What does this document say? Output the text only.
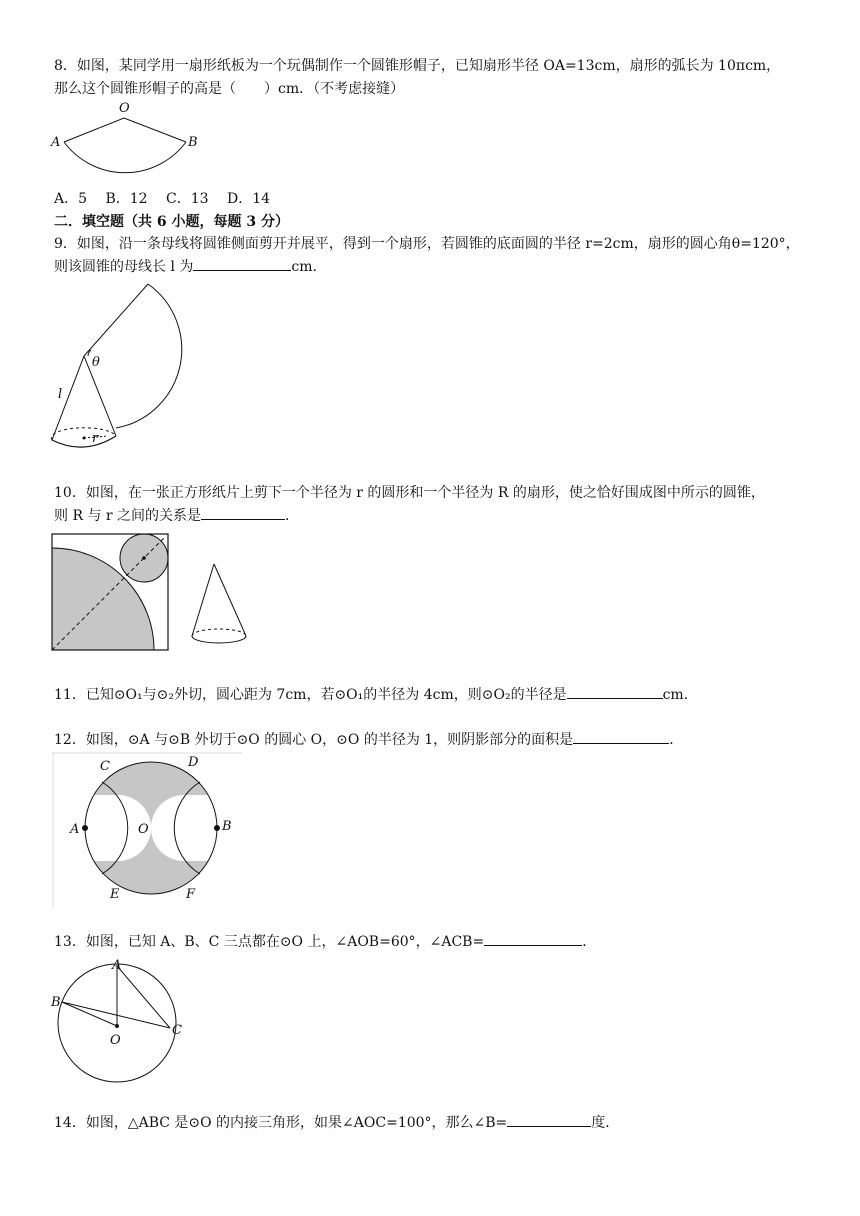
8．如图，某同学用一扇形纸板为一个玩偶制作一个圆锥形帽子，已知扇形半径 OA=13cm，扇形的弧长为 10πcm，
那么这个圆锥形帽子的高是（　　）cm．（不考虑接缝）

O
A	B
A．5 B．12 C．13 D．14
二．填空题（共 6 小题，每题 3 分）

9．如图，沿一条母线将圆锥侧面剪开并展平，得到一个扇形，若圆锥的底面圆的半径 r=2cm，扇形的圆心角θ=120°，
则该圆锥的母线长 l 为	cm．

θ
l
r

10．如图，在一张正方形纸片上剪下一个半径为 r 的圆形和一个半径为 R 的扇形，使之恰好围成图中所示的圆锥，
则 R 与 r 之间的关系是	．

11．已知⊙O₁与⊙₂外切，圆心距为 7cm，若⊙O₁的半径为 4cm，则⊙O₂的半径是	cm．

12．如图，⊙A 与⊙B 外切于⊙O 的圆心 O，⊙O 的半径为 1，则阴影部分的面积是	．

C	D
A	O	B
E	F

13．如图，已知 A、B、C 三点都在⊙O 上，∠AOB=60°，∠ACB=	．

A
B
C
O

14．如图，△ABC 是⊙O 的内接三角形，如果∠AOC=100°，那么∠B=	度．
